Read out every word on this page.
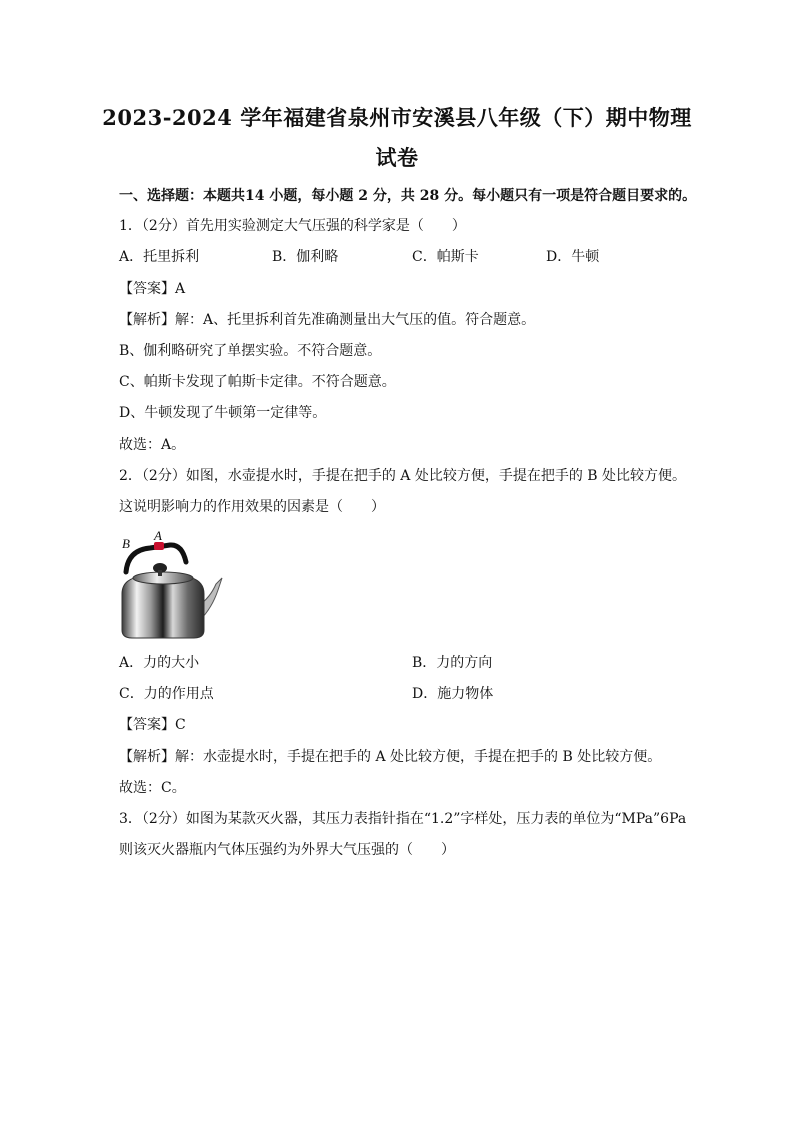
2023-2024 学年福建省泉州市安溪县八年级（下）期中物理
试卷
一、选择题：本题共14 小题，每小题 2 分，共 28 分。每小题只有一项是符合题目要求的。
1．（2分）首先用实验测定大气压强的科学家是（　　）
A．托里拆利	B．伽利略	C．帕斯卡	D．牛顿
【答案】A
【解析】解：A、托里拆利首先准确测量出大气压的值。符合题意。
B、伽利略研究了单摆实验。不符合题意。
C、帕斯卡发现了帕斯卡定律。不符合题意。
D、牛顿发现了牛顿第一定律等。
故选：A。
2．（2分）如图，水壶提水时，手提在把手的 A 处比较方便，手提在把手的 B 处比较方便。
这说明影响力的作用效果的因素是（　　）
B
A
A．力的大小	B．力的方向
C．力的作用点	D．施力物体
【答案】C
【解析】解：水壶提水时，手提在把手的 A 处比较方便，手提在把手的 B 处比较方便。
故选：C。
3．（2分）如图为某款灭火器，其压力表指针指在“1.2”字样处，压力表的单位为“MPa”6Pa
则该灭火器瓶内气体压强约为外界大气压强的（　　）
